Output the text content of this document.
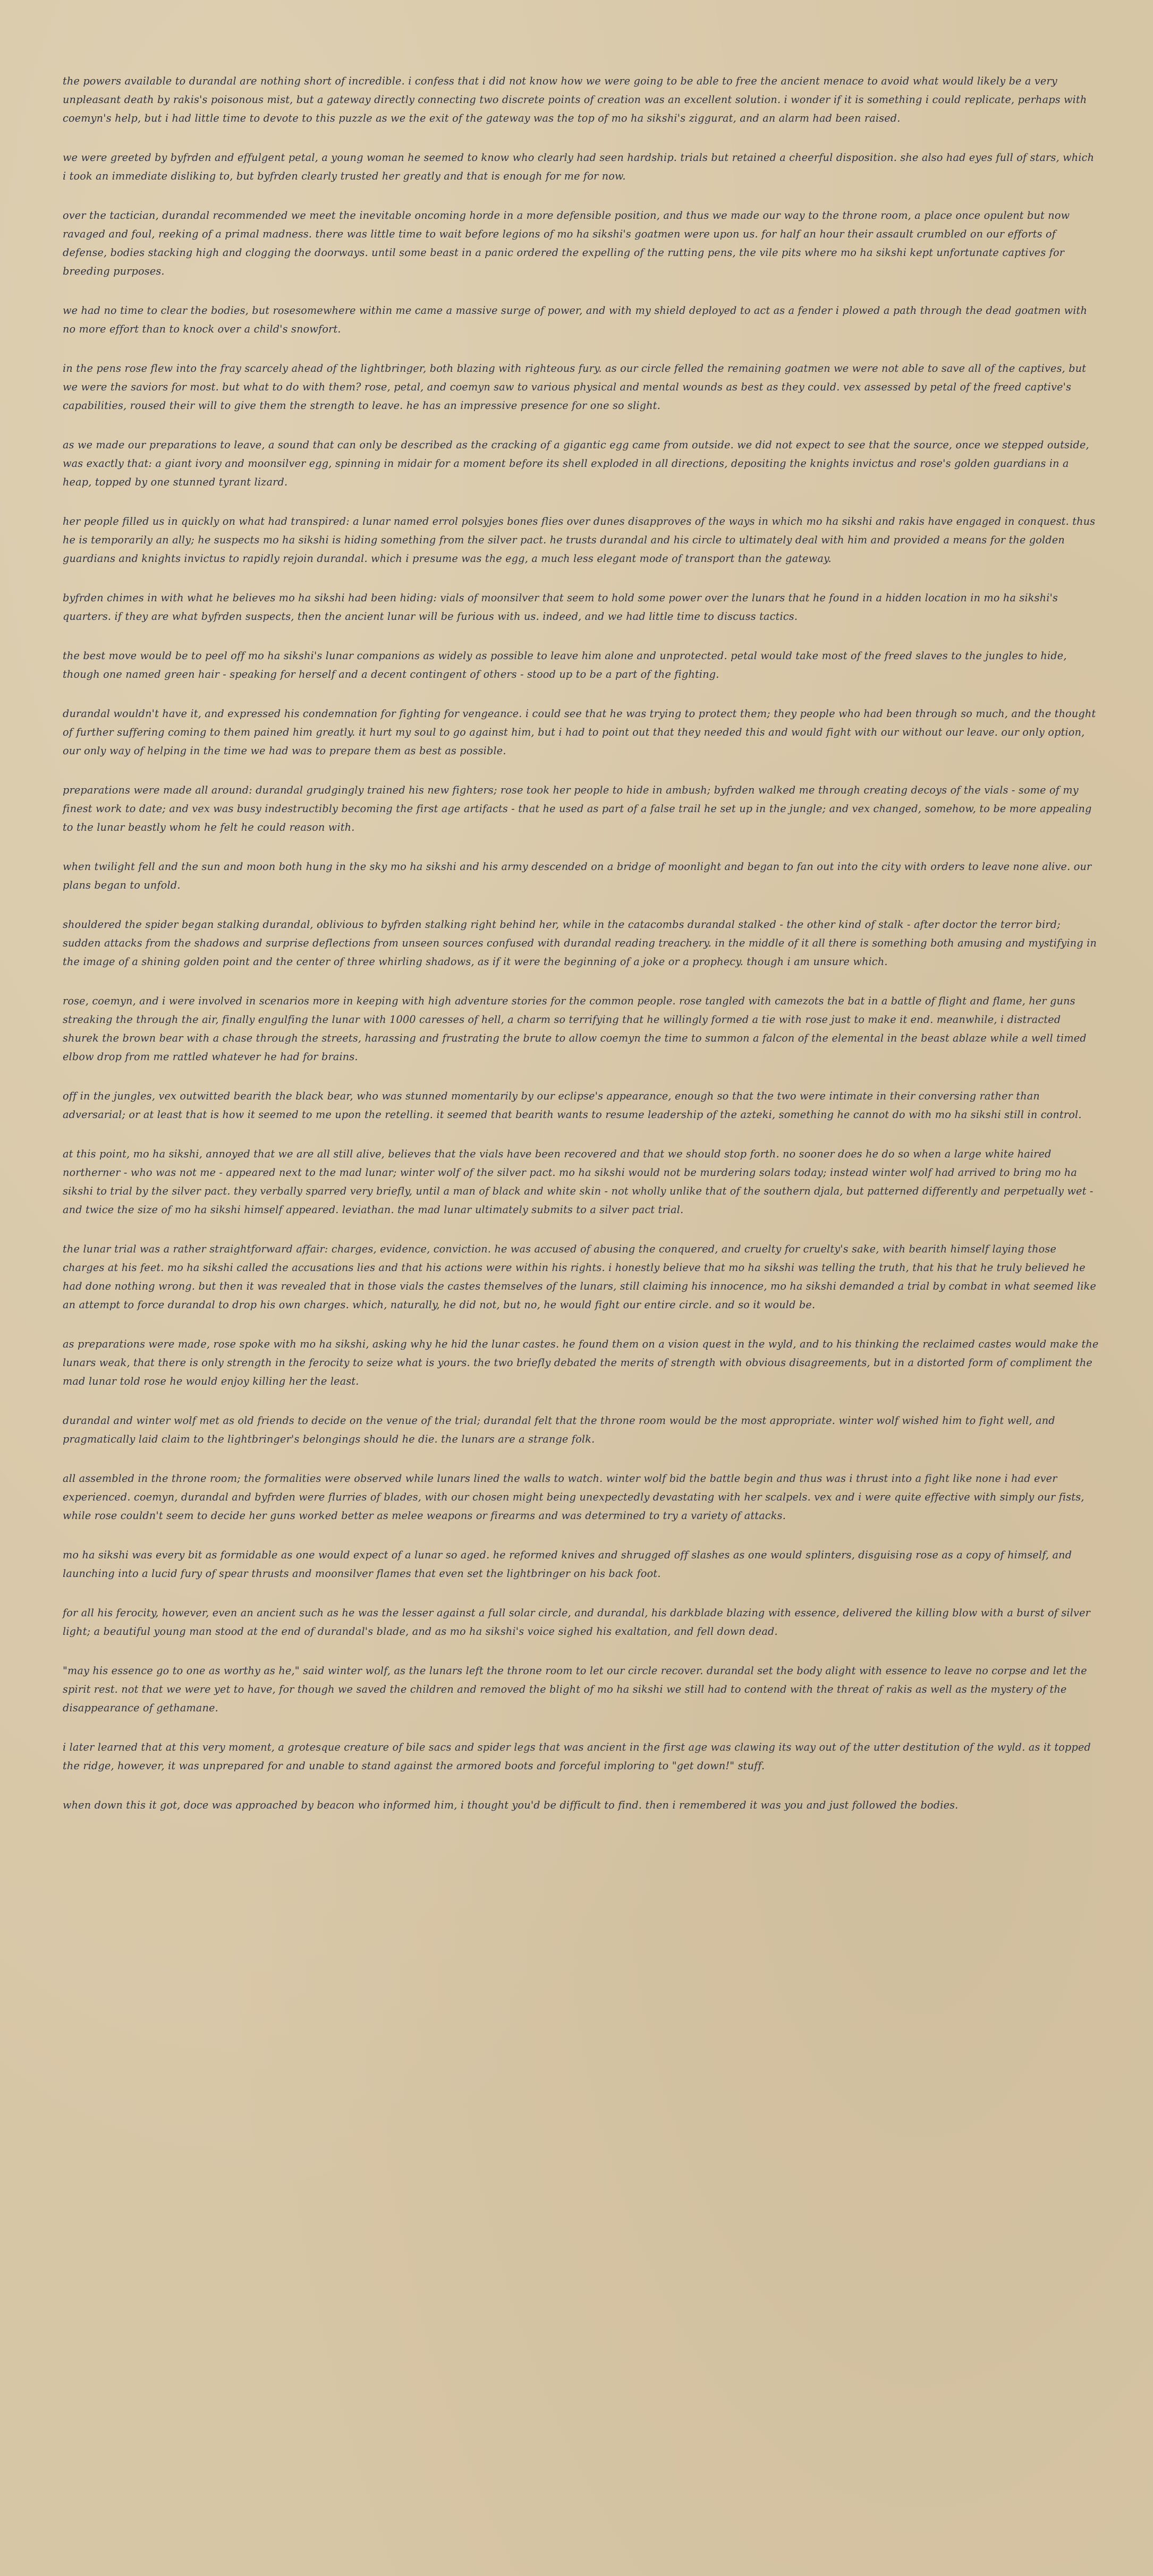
the powers available to durandal are nothing short of incredible. i confess that i did not know how we were going to be able to free the ancient menace to avoid what would likely be a very unpleasant death by rakis's poisonous mist, but a gateway directly connecting two discrete points of creation was an excellent solution. i wonder if it is something i could replicate, perhaps with coemyn's help, but i had little time to devote to this puzzle as we the exit of the gateway was the top of mo ha sikshi's ziggurat, and an alarm had been raised.

we were greeted by byfrden and effulgent petal, a young woman he seemed to know who clearly had seen hardship. trials but retained a cheerful disposition. she also had eyes full of stars, which i took an immediate disliking to, but byfrden clearly trusted her greatly and that is enough for me for now.

over the tactician, durandal recommended we meet the inevitable oncoming horde in a more defensible position, and thus we made our way to the throne room, a place once opulent but now ravaged and foul, reeking of a primal madness. there was little time to wait before legions of mo ha sikshi's goatmen were upon us. for half an hour their assault crumbled on our efforts of defense, bodies stacking high and clogging the doorways. until some beast in a panic ordered the expelling of the rutting pens, the vile pits where mo ha sikshi kept unfortunate captives for breeding purposes.

we had no time to clear the bodies, but rosesomewhere within me came a massive surge of power, and with my shield deployed to act as a fender i plowed a path through the dead goatmen with no more effort than to knock over a child's snowfort.

in the pens rose flew into the fray scarcely ahead of the lightbringer, both blazing with righteous fury. as our circle felled the remaining goatmen we were not able to save all of the captives, but we were the saviors for most. but what to do with them? rose, petal, and coemyn saw to various physical and mental wounds as best as they could. vex assessed by petal of the freed captive's capabilities, roused their will to give them the strength to leave. he has an impressive presence for one so slight.

as we made our preparations to leave, a sound that can only be described as the cracking of a gigantic egg came from outside. we did not expect to see that the source, once we stepped outside, was exactly that: a giant ivory and moonsilver egg, spinning in midair for a moment before its shell exploded in all directions, depositing the knights invictus and rose's golden guardians in a heap, topped by one stunned tyrant lizard.

her people filled us in quickly on what had transpired: a lunar named errol polsyjes bones flies over dunes disapproves of the ways in which mo ha sikshi and rakis have engaged in conquest. thus he is temporarily an ally; he suspects mo ha sikshi is hiding something from the silver pact. he trusts durandal and his circle to ultimately deal with him and provided a means for the golden guardians and knights invictus to rapidly rejoin durandal. which i presume was the egg, a much less elegant mode of transport than the gateway.

byfrden chimes in with what he believes mo ha sikshi had been hiding: vials of moonsilver that seem to hold some power over the lunars that he found in a hidden location in mo ha sikshi's quarters. if they are what byfrden suspects, then the ancient lunar will be furious with us. indeed, and we had little time to discuss tactics.

the best move would be to peel off mo ha sikshi's lunar companions as widely as possible to leave him alone and unprotected. petal would take most of the freed slaves to the jungles to hide, though one named green hair - speaking for herself and a decent contingent of others - stood up to be a part of the fighting.

durandal wouldn't have it, and expressed his condemnation for fighting for vengeance. i could see that he was trying to protect them; they people who had been through so much, and the thought of further suffering coming to them pained him greatly. it hurt my soul to go against him, but i had to point out that they needed this and would fight with our without our leave. our only option, our only way of helping in the time we had was to prepare them as best as possible.

preparations were made all around: durandal grudgingly trained his new fighters; rose took her people to hide in ambush; byfrden walked me through creating decoys of the vials - some of my finest work to date; and vex was busy indestructibly becoming the first age artifacts - that he used as part of a false trail he set up in the jungle; and vex changed, somehow, to be more appealing to the lunar beastly whom he felt he could reason with.

when twilight fell and the sun and moon both hung in the sky mo ha sikshi and his army descended on a bridge of moonlight and began to fan out into the city with orders to leave none alive. our plans began to unfold.

shouldered the spider began stalking durandal, oblivious to byfrden stalking right behind her, while in the catacombs durandal stalked - the other kind of stalk - after doctor the terror bird; sudden attacks from the shadows and surprise deflections from unseen sources confused with durandal reading treachery. in the middle of it all there is something both amusing and mystifying in the image of a shining golden point and the center of three whirling shadows, as if it were the beginning of a joke or a prophecy. though i am unsure which.

rose, coemyn, and i were involved in scenarios more in keeping with high adventure stories for the common people. rose tangled with camezots the bat in a battle of flight and flame, her guns streaking the through the air, finally engulfing the lunar with 1000 caresses of hell, a charm so terrifying that he willingly formed a tie with rose just to make it end. meanwhile, i distracted shurek the brown bear with a chase through the streets, harassing and frustrating the brute to allow coemyn the time to summon a falcon of the elemental in the beast ablaze while a well timed elbow drop from me rattled whatever he had for brains.

off in the jungles, vex outwitted bearith the black bear, who was stunned momentarily by our eclipse's appearance, enough so that the two were intimate in their conversing rather than adversarial; or at least that is how it seemed to me upon the retelling. it seemed that bearith wants to resume leadership of the azteki, something he cannot do with mo ha sikshi still in control.

at this point, mo ha sikshi, annoyed that we are all still alive, believes that the vials have been recovered and that we should stop forth. no sooner does he do so when a large white haired northerner - who was not me - appeared next to the mad lunar; winter wolf of the silver pact. mo ha sikshi would not be murdering solars today; instead winter wolf had arrived to bring mo ha sikshi to trial by the silver pact. they verbally sparred very briefly, until a man of black and white skin - not wholly unlike that of the southern djala, but patterned differently and perpetually wet - and twice the size of mo ha sikshi himself appeared. leviathan. the mad lunar ultimately submits to a silver pact trial.

the lunar trial was a rather straightforward affair: charges, evidence, conviction. he was accused of abusing the conquered, and cruelty for cruelty's sake, with bearith himself laying those charges at his feet. mo ha sikshi called the accusations lies and that his actions were within his rights. i honestly believe that mo ha sikshi was telling the truth, that his that he truly believed he had done nothing wrong. but then it was revealed that in those vials the castes themselves of the lunars, still claiming his innocence, mo ha sikshi demanded a trial by combat in what seemed like an attempt to force durandal to drop his own charges. which, naturally, he did not, but no, he would fight our entire circle. and so it would be.

as preparations were made, rose spoke with mo ha sikshi, asking why he hid the lunar castes. he found them on a vision quest in the wyld, and to his thinking the reclaimed castes would make the lunars weak, that there is only strength in the ferocity to seize what is yours. the two briefly debated the merits of strength with obvious disagreements, but in a distorted form of compliment the mad lunar told rose he would enjoy killing her the least.

durandal and winter wolf met as old friends to decide on the venue of the trial; durandal felt that the throne room would be the most appropriate. winter wolf wished him to fight well, and pragmatically laid claim to the lightbringer's belongings should he die. the lunars are a strange folk.

all assembled in the throne room; the formalities were observed while lunars lined the walls to watch. winter wolf bid the battle begin and thus was i thrust into a fight like none i had ever experienced. coemyn, durandal and byfrden were flurries of blades, with our chosen might being unexpectedly devastating with her scalpels. vex and i were quite effective with simply our fists, while rose couldn't seem to decide her guns worked better as melee weapons or firearms and was determined to try a variety of attacks.

mo ha sikshi was every bit as formidable as one would expect of a lunar so aged. he reformed knives and shrugged off slashes as one would splinters, disguising rose as a copy of himself, and launching into a lucid fury of spear thrusts and moonsilver flames that even set the lightbringer on his back foot.

for all his ferocity, however, even an ancient such as he was the lesser against a full solar circle, and durandal, his darkblade blazing with essence, delivered the killing blow with a burst of silver light; a beautiful young man stood at the end of durandal's blade, and as mo ha sikshi's voice sighed his exaltation, and fell down dead.

"may his essence go to one as worthy as he," said winter wolf, as the lunars left the throne room to let our circle recover. durandal set the body alight with essence to leave no corpse and let the spirit rest. not that we were yet to have, for though we saved the children and removed the blight of mo ha sikshi we still had to contend with the threat of rakis as well as the mystery of the disappearance of gethamane.

i later learned that at this very moment, a grotesque creature of bile sacs and spider legs that was ancient in the first age was clawing its way out of the utter destitution of the wyld. as it topped the ridge, however, it was unprepared for and unable to stand against the armored boots and forceful imploring to "get down!" stuff.

when down this it got, doce was approached by beacon who informed him, i thought you'd be difficult to find. then i remembered it was you and just followed the bodies.
